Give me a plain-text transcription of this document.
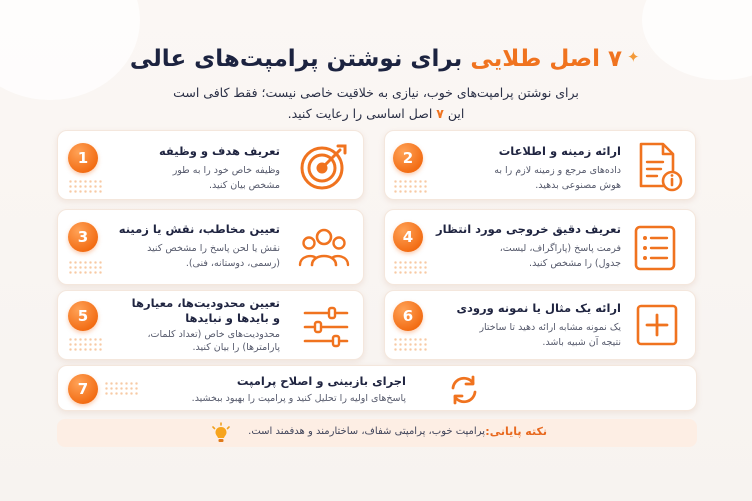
۷ اصل طلایی برای نوشتن پرامپت‌های عالی
برای نوشتن پرامپت‌های خوب، نیازی به خلاقیت خاصی نیست؛ فقط کافی است
این ۷ اصل اساسی را رعایت کنید.
✦
1	تعریف هدف و وظیفه
وظیفه خاص خود را به طور مشخص بیان کنید.
2	ارائه زمینه و اطلاعات
داده‌های مرجع و زمینه لازم را به هوش مصنوعی بدهید.
3	تعیین مخاطب، نقش یا زمینه
نقش یا لحن پاسخ را مشخص کنید (رسمی، دوستانه، فنی).
4	تعریف دقیق خروجی مورد انتظار
فرمت پاسخ (پاراگراف، لیست، جدول) را مشخص کنید.
5
تعیین محدودیت‌ها، معیارها و بایدها و نبایدها
محدودیت‌های خاص (تعداد کلمات، پارامترها) را بیان کنید.
6	ارائه یک مثال یا نمونه ورودی
یک نمونه مشابه ارائه دهید تا ساختار نتیجه آن شبیه باشد.
7	اجرای بازبینی و اصلاح پرامپت
پاسخ‌های اولیه را تحلیل کنید و پرامپت را بهبود ببخشید.
نکته پایانی:
پرامپت خوب، پرامپتی شفاف، ساختارمند و هدفمند است.
